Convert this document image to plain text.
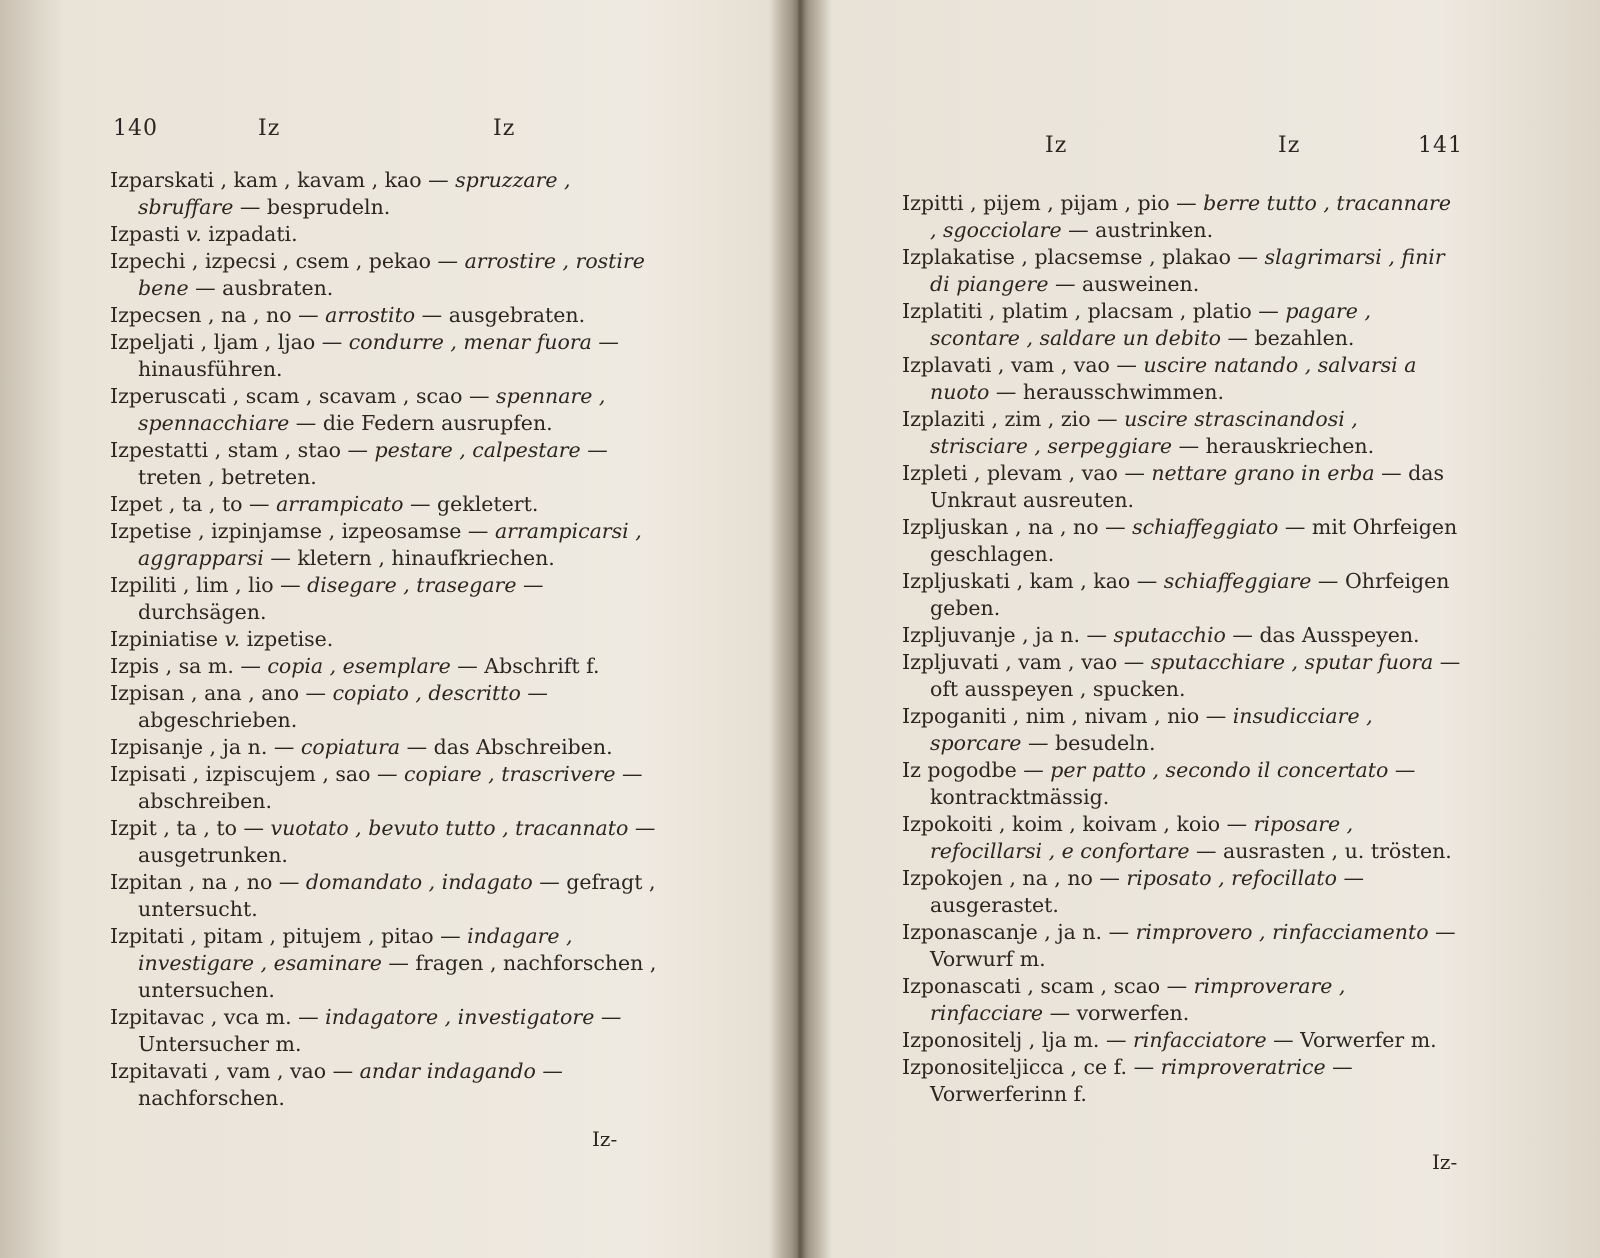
140	Iz	Iz

Izparskati , kam , kavam , kao — spruzzare , sbruffare — besprudeln.

Izpasti v. izpadati.

Izpechi , izpecsi , csem , pekao — arrostire , rostire bene — ausbraten.

Izpecsen , na , no — arrostito — ausgebraten.

Izpeljati , ljam , ljao — condurre , menar fuora — hinausführen.

Izperuscati , scam , scavam , scao — spennare , spennacchiare — die Federn ausrupfen.

Izpestatti , stam , stao — pestare , calpestare — treten , betreten.

Izpet , ta , to — arrampicato — gekletert.

Izpetise , izpinjamse , izpeosamse — arrampicarsi , aggrapparsi — kletern , hinaufkriechen.

Izpiliti , lim , lio — disegare , trasegare — durchsägen.

Izpiniatise v. izpetise.

Izpis , sa m. — copia , esemplare — Abschrift f.

Izpisan , ana , ano — copiato , descritto — abgeschrieben.

Izpisanje , ja n. — copiatura — das Abschreiben.

Izpisati , izpiscujem , sao — copiare , trascrivere — abschreiben.

Izpit , ta , to — vuotato , bevuto tutto , tracannato — ausgetrunken.

Izpitan , na , no — domandato , indagato — gefragt , untersucht.

Izpitati , pitam , pitujem , pitao — indagare , investigare , esaminare — fragen , nachforschen , untersuchen.

Izpitavac , vca m. — indagatore , investigatore — Untersucher m.

Izpitavati , vam , vao — andar indagando — nachforschen.

Iz-
Iz	Iz	141

Izpitti , pijem , pijam , pio — berre tutto , tracannare , sgocciolare — austrinken.

Izplakatise , placsemse , plakao — slagrimarsi , finir di piangere — ausweinen.

Izplatiti , platim , placsam , platio — pagare , scontare , saldare un debito — bezahlen.

Izplavati , vam , vao — uscire natando , salvarsi a nuoto — herausschwimmen.

Izplaziti , zim , zio — uscire strascinandosi , strisciare , serpeggiare — herauskriechen.

Izpleti , plevam , vao — nettare grano in erba — das Unkraut ausreuten.

Izpljuskan , na , no — schiaffeggiato — mit Ohrfeigen geschlagen.

Izpljuskati , kam , kao — schiaffeggiare — Ohrfeigen geben.

Izpljuvanje , ja n. — sputacchio — das Ausspeyen.

Izpljuvati , vam , vao — sputacchiare , sputar fuora — oft ausspeyen , spucken.

Izpoganiti , nim , nivam , nio — insudicciare , sporcare — besudeln.

Iz pogodbe — per patto , secondo il concertato — kontracktmässig.

Izpokoiti , koim , koivam , koio — riposare , refocillarsi , e confortare — ausrasten , u. trösten.

Izpokojen , na , no — riposato , refocillato — ausgerastet.

Izponascanje , ja n. — rimprovero , rinfacciamento — Vorwurf m.

Izponascati , scam , scao — rimproverare , rinfacciare — vorwerfen.

Izponositelj , lja m. — rinfacciatore — Vorwerfer m.

Izponositeljicca , ce f. — rimproveratrice — Vorwerferinn f.

Iz-
